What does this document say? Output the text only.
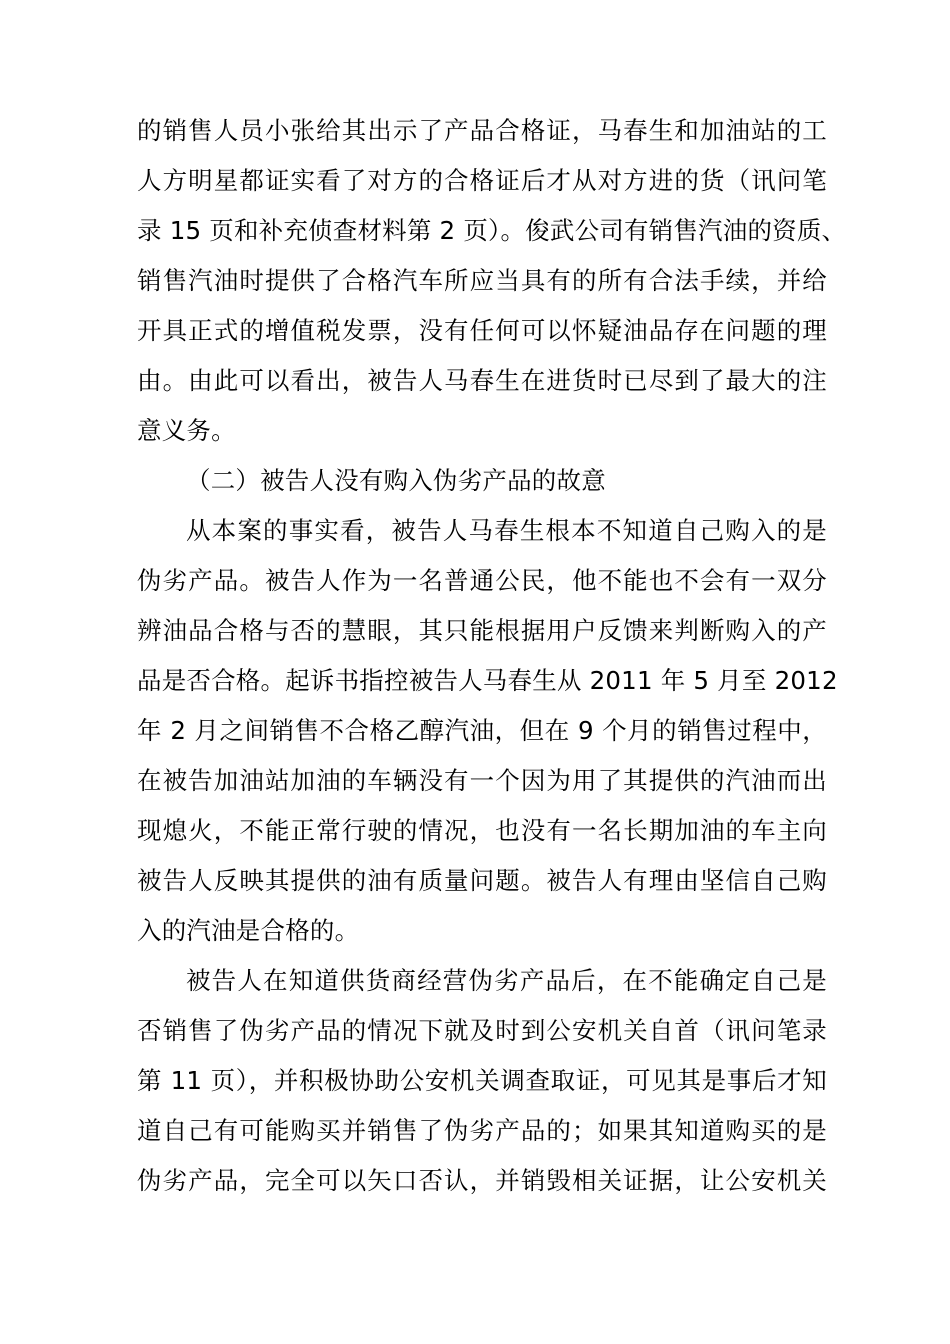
的销售人员小张给其出示了产品合格证，马春生和加油站的工
人方明星都证实看了对方的合格证后才从对方进的货（讯问笔
录 15 页和补充侦查材料第 2 页）。俊武公司有销售汽油的资质、
销售汽油时提供了合格汽车所应当具有的所有合法手续，并给
开具正式的增值税发票，没有任何可以怀疑油品存在问题的理
由。由此可以看出，被告人马春生在进货时已尽到了最大的注
意义务。
（二）被告人没有购入伪劣产品的故意
从本案的事实看，被告人马春生根本不知道自己购入的是
伪劣产品。被告人作为一名普通公民，他不能也不会有一双分
辨油品合格与否的慧眼，其只能根据用户反馈来判断购入的产
品是否合格。起诉书指控被告人马春生从 2011 年 5 月至 2012
年 2 月之间销售不合格乙醇汽油，但在 9 个月的销售过程中，
在被告加油站加油的车辆没有一个因为用了其提供的汽油而出
现熄火，不能正常行驶的情况，也没有一名长期加油的车主向
被告人反映其提供的油有质量问题。被告人有理由坚信自己购
入的汽油是合格的。
被告人在知道供货商经营伪劣产品后，在不能确定自己是
否销售了伪劣产品的情况下就及时到公安机关自首（讯问笔录
第 11 页），并积极协助公安机关调查取证，可见其是事后才知
道自己有可能购买并销售了伪劣产品的；如果其知道购买的是
伪劣产品，完全可以矢口否认，并销毁相关证据，让公安机关
